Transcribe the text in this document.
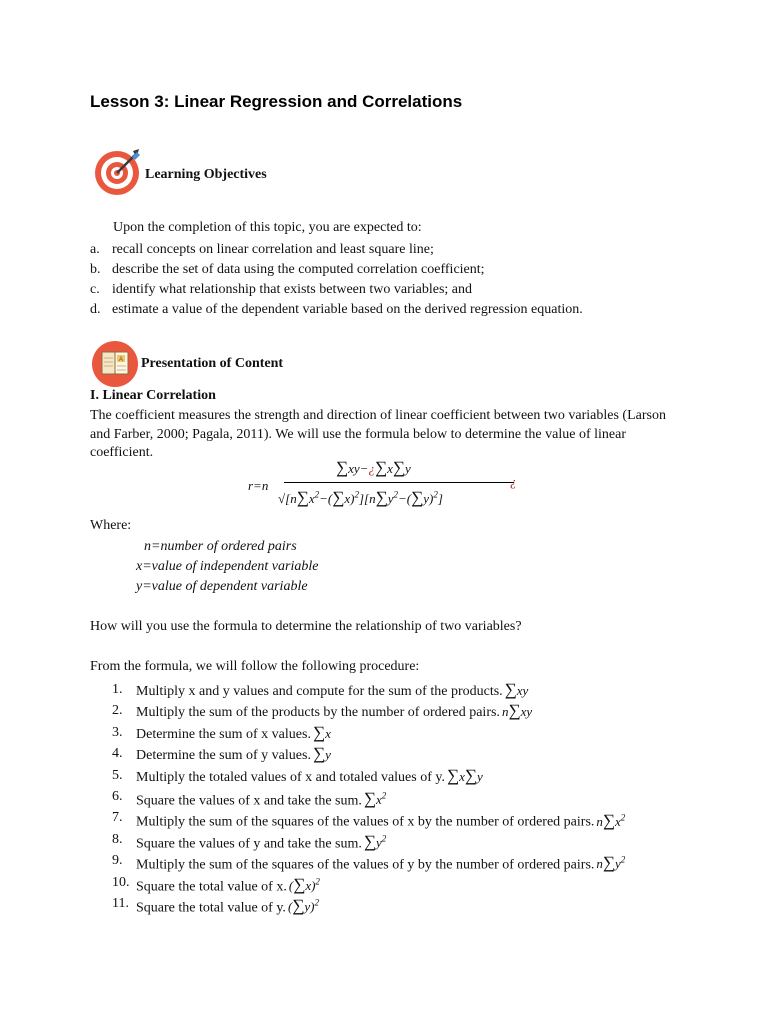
Lesson 3: Linear Regression and Correlations
Learning Objectives
Upon the completion of this topic, you are expected to:
a. recall concepts on linear correlation and least square line;
b. describe the set of data using the computed correlation coefficient;
c. identify what relationship that exists between two variables; and
d. estimate a value of the dependent variable based on the derived regression equation.
A Presentation of Content
I. Linear Correlation
The coefficient measures the strength and direction of linear coefficient between two variables (Larson and Farber, 2000; Pagala, 2011). We will use the formula below to determine the value of linear coefficient.
r=n
∑xy−¿∑x∑y
$√[n\sum x^2-(\sum x)^2][n\sum y^2-(\sum y)^2]$
¿
Where:
n=number of ordered pairs
x=value of independent variable
y=value of dependent variable
How will you use the formula to determine the relationship of two variables?
From the formula, we will follow the following procedure:
1. Multiply x and y values and compute for the sum of the products. ∑xy
2. Multiply the sum of the products by the number of ordered pairs. n∑xy
3. Determine the sum of x values. ∑x
4. Determine the sum of y values. ∑y
5. Multiply the totaled values of x and totaled values of y. ∑x∑y
6. Square the values of x and take the sum. $\sum x^2$
7. Multiply the sum of the squares of the values of x by the number of ordered pairs. $n\sum x^2$
8. Square the values of y and take the sum. $\sum y^2$
9. Multiply the sum of the squares of the values of y by the number of ordered pairs. $n\sum y^2$
10. Square the total value of x. $(\sum x)^2$
11. Square the total value of y. $(\sum y)^2$
